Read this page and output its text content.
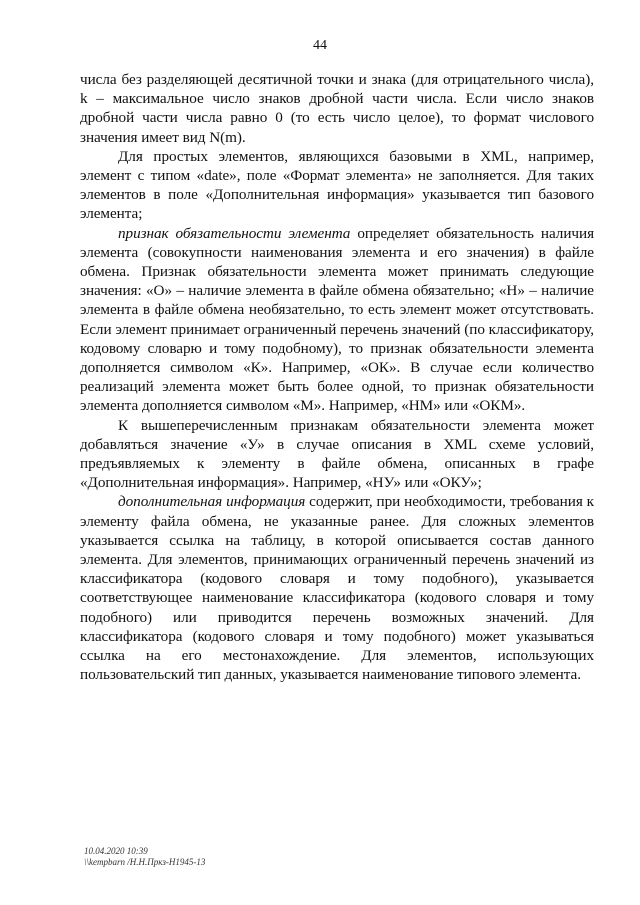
44

числа без разделяющей десятичной точки и знака (для отрицательного числа), k – максимальное число знаков дробной части числа. Если число знаков дробной части числа равно 0 (то есть число целое), то формат числового значения имеет вид N(m).

Для простых элементов, являющихся базовыми в XML, например, элемент с типом «date», поле «Формат элемента» не заполняется. Для таких элементов в поле «Дополнительная информация» указывается тип базового элемента;

признак обязательности элемента определяет обязательность наличия элемента (совокупности наименования элемента и его значения) в файле обмена. Признак обязательности элемента может принимать следующие значения: «О» – наличие элемента в файле обмена обязательно; «Н» – наличие элемента в файле обмена необязательно, то есть элемент может отсутствовать. Если элемент принимает ограниченный перечень значений (по классификатору, кодовому словарю и тому подобному), то признак обязательности элемента дополняется символом «К». Например, «ОК». В случае если количество реализаций элемента может быть более одной, то признак обязательности элемента дополняется символом «М». Например, «НМ» или «ОКМ».

К вышеперечисленным признакам обязательности элемента может добавляться значение «У» в случае описания в XML схеме условий, предъявляемых к элементу в файле обмена, описанных в графе «Дополнительная информация». Например, «НУ» или «ОКУ»;

дополнительная информация содержит, при необходимости, требования к элементу файла обмена, не указанные ранее. Для сложных элементов указывается ссылка на таблицу, в которой описывается состав данного элемента. Для элементов, принимающих ограниченный перечень значений из классификатора (кодового словаря и тому подобного), указывается соответствующее наименование классификатора (кодового словаря и тому подобного) или приводится перечень возможных значений. Для классификатора (кодового словаря и тому подобного) может указываться ссылка на его местонахождение. Для элементов, использующих пользовательский тип данных, указывается наименование типового элемента.

10.04.2020 10:39
\\kempbarn /Н.Н.Пркз-Н1945-13
